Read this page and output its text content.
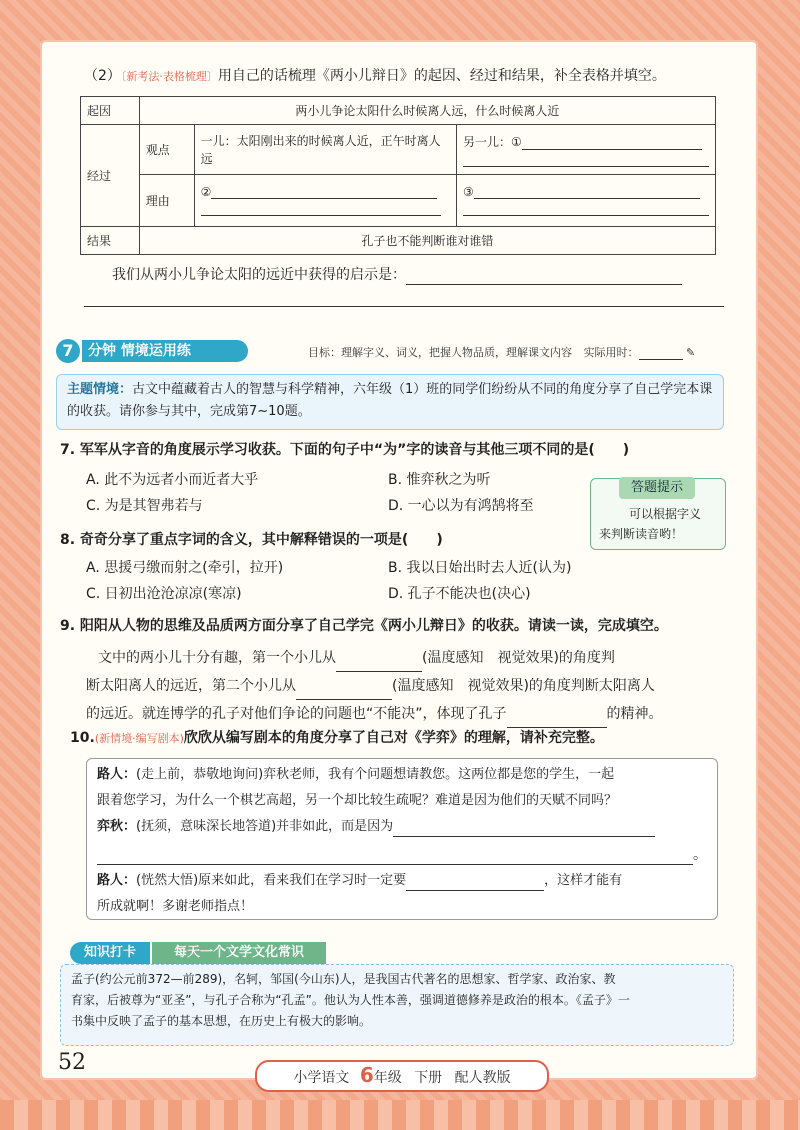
（2）〔新考法·表格梳理〕用自己的话梳理《两小儿辩日》的起因、经过和结果，补全表格并填空。
起因	两小儿争论太阳什么时候离人远，什么时候离人近		
经过	观点	一儿：太阳刚出来的时候离人近，正午时离人远	另一儿：①

	理由	②	③

结果	孔子也不能判断谁对谁错		
我们从两小儿争论太阳的远近中获得的启示是：
7	分钟 情境运用练	目标：理解字义、词义，把握人物品质，理解课文内容 实际用时：	✎
主题情境：古文中蕴藏着古人的智慧与科学精神，六年级（1）班的同学们纷纷从不同的角度分享了自己学完本课的收获。请你参与其中，完成第7~10题。
7. 军军从字音的角度展示学习收获。下面的句子中“为”字的读音与其他三项不同的是(　　)
A. 此不为远者小而近者大乎	B. 惟弈秋之为听
C. 为是其智弗若与	D. 一心以为有鸿鹄将至
答题提示
可以根据字义
来判断读音哟！
8. 奇奇分享了重点字词的含义，其中解释错误的一项是(　　)
A. 思援弓缴而射之(牵引，拉开)	B. 我以日始出时去人近(认为)
C. 日初出沧沧凉凉(寒凉)	D. 孔子不能决也(决心)
9. 阳阳从人物的思维及品质两方面分享了自己学完《两小儿辩日》的收获。请读一读，完成填空。
文中的两小儿十分有趣，第一个小儿从	(温度感知　视觉效果)的角度判
断太阳离人的远近，第二个小儿从	(温度感知　视觉效果)的角度判断太阳离人
的远近。就连博学的孔子对他们争论的问题也“不能决”，体现了孔子	的精神。
10.(新情境·编写剧本)欣欣从编写剧本的角度分享了自己对《学弈》的理解，请补充完整。
路人：(走上前，恭敬地询问)弈秋老师，我有个问题想请教您。这两位都是您的学生，一起
跟着您学习，为什么一个棋艺高超，另一个却比较生疏呢？难道是因为他们的天赋不同吗？
弈秋：(抚须，意味深长地答道)并非如此，而是因为
。
路人：(恍然大悟)原来如此，看来我们在学习时一定要	，这样才能有
所成就啊！多谢老师指点！
知识打卡	每天一个文学文化常识
孟子(约公元前372—前289)，名轲，邹国(今山东)人，是我国古代著名的思想家、哲学家、政治家、教
育家，后被尊为“亚圣”，与孔子合称为“孔孟”。他认为人性本善，强调道德修养是政治的根本。《孟子》一
书集中反映了孟子的基本思想，在历史上有极大的影响。
52
小学语文 6年级 下册 配人教版
